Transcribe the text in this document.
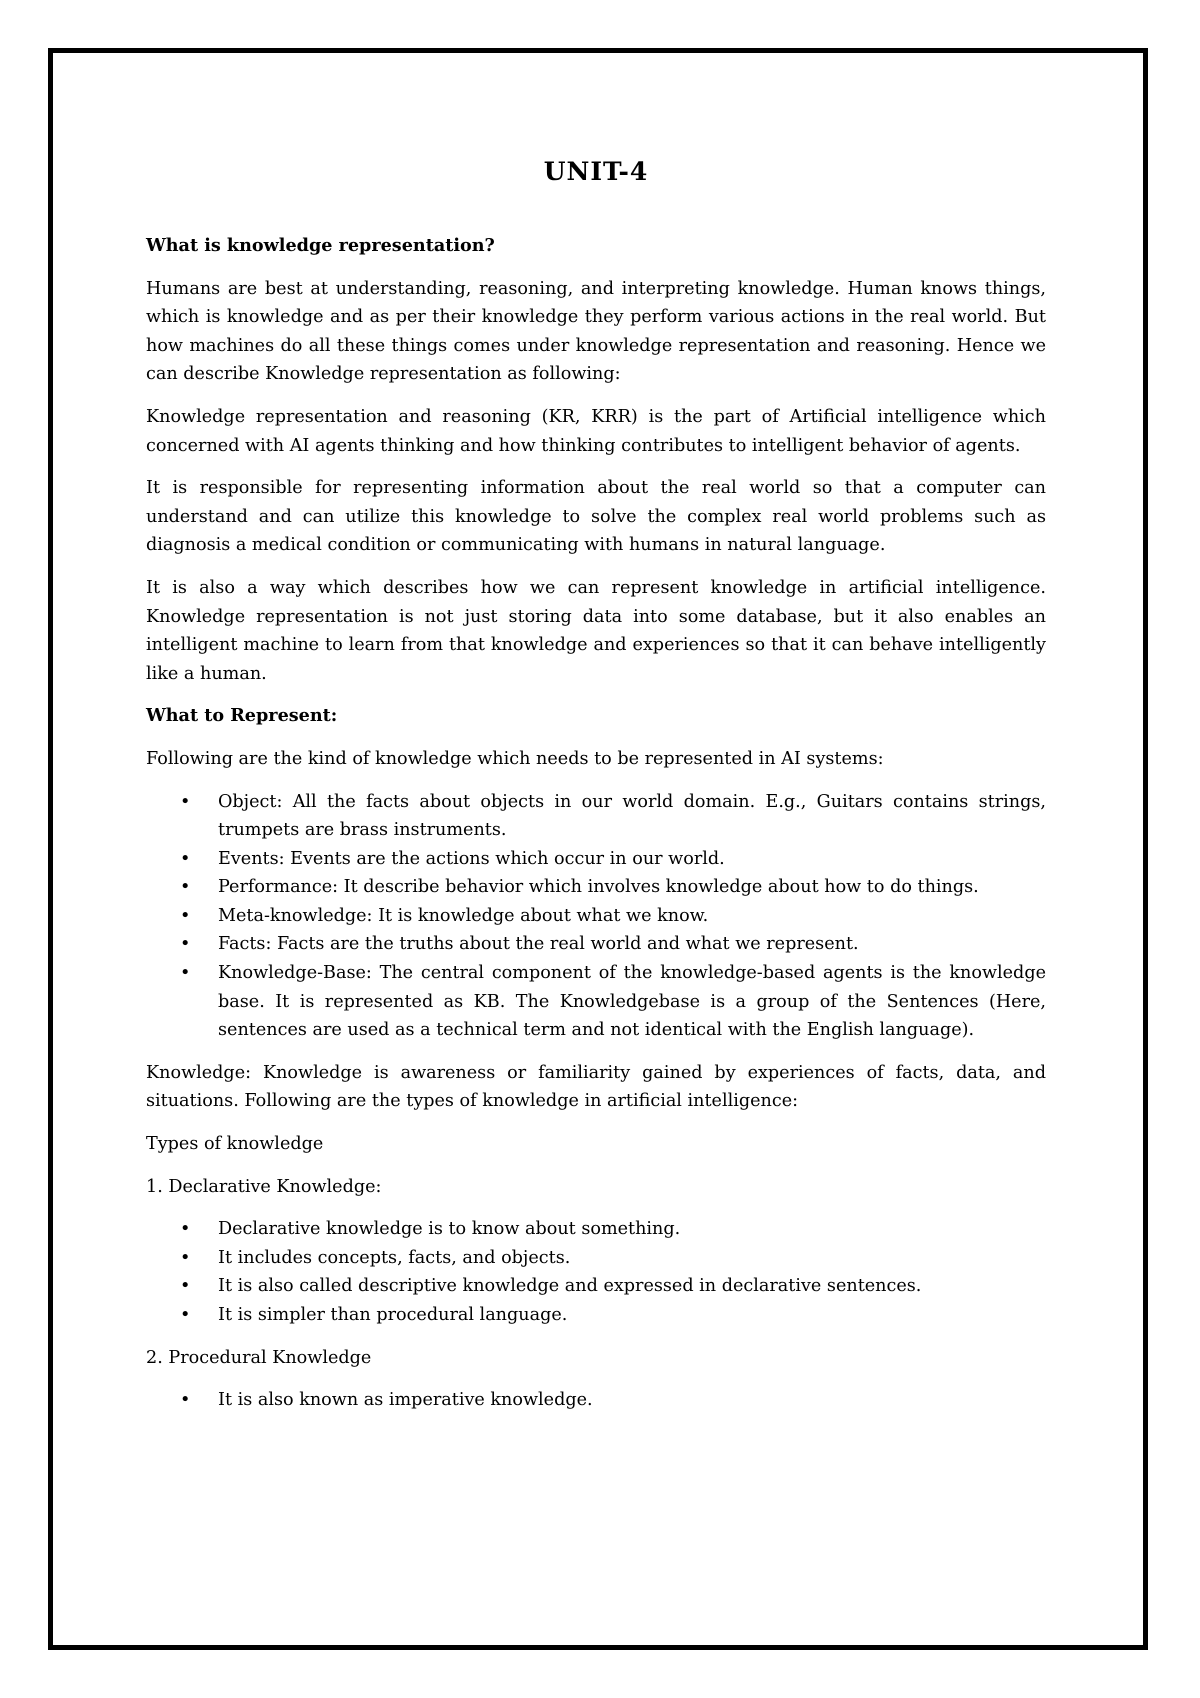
UNIT-4
What is knowledge representation?
Humans are best at understanding, reasoning, and interpreting knowledge. Human knows things, which is knowledge and as per their knowledge they perform various actions in the real world. But how machines do all these things comes under knowledge representation and reasoning. Hence we can describe Knowledge representation as following:
Knowledge representation and reasoning (KR, KRR) is the part of Artificial intelligence which concerned with AI agents thinking and how thinking contributes to intelligent behavior of agents.
It is responsible for representing information about the real world so that a computer can understand and can utilize this knowledge to solve the complex real world problems such as diagnosis a medical condition or communicating with humans in natural language.
It is also a way which describes how we can represent knowledge in artificial intelligence. Knowledge representation is not just storing data into some database, but it also enables an intelligent machine to learn from that knowledge and experiences so that it can behave intelligently like a human.
What to Represent:
Following are the kind of knowledge which needs to be represented in AI systems:
• Object: All the facts about objects in our world domain. E.g., Guitars contains strings, trumpets are brass instruments.
• Events: Events are the actions which occur in our world.
• Performance: It describe behavior which involves knowledge about how to do things.
• Meta-knowledge: It is knowledge about what we know.
• Facts: Facts are the truths about the real world and what we represent.
• Knowledge-Base: The central component of the knowledge-based agents is the knowledge base. It is represented as KB. The Knowledgebase is a group of the Sentences (Here, sentences are used as a technical term and not identical with the English language).
Knowledge: Knowledge is awareness or familiarity gained by experiences of facts, data, and situations. Following are the types of knowledge in artificial intelligence:
Types of knowledge
1. Declarative Knowledge:
• Declarative knowledge is to know about something.
• It includes concepts, facts, and objects.
• It is also called descriptive knowledge and expressed in declarative sentences.
• It is simpler than procedural language.
2. Procedural Knowledge
• It is also known as imperative knowledge.
